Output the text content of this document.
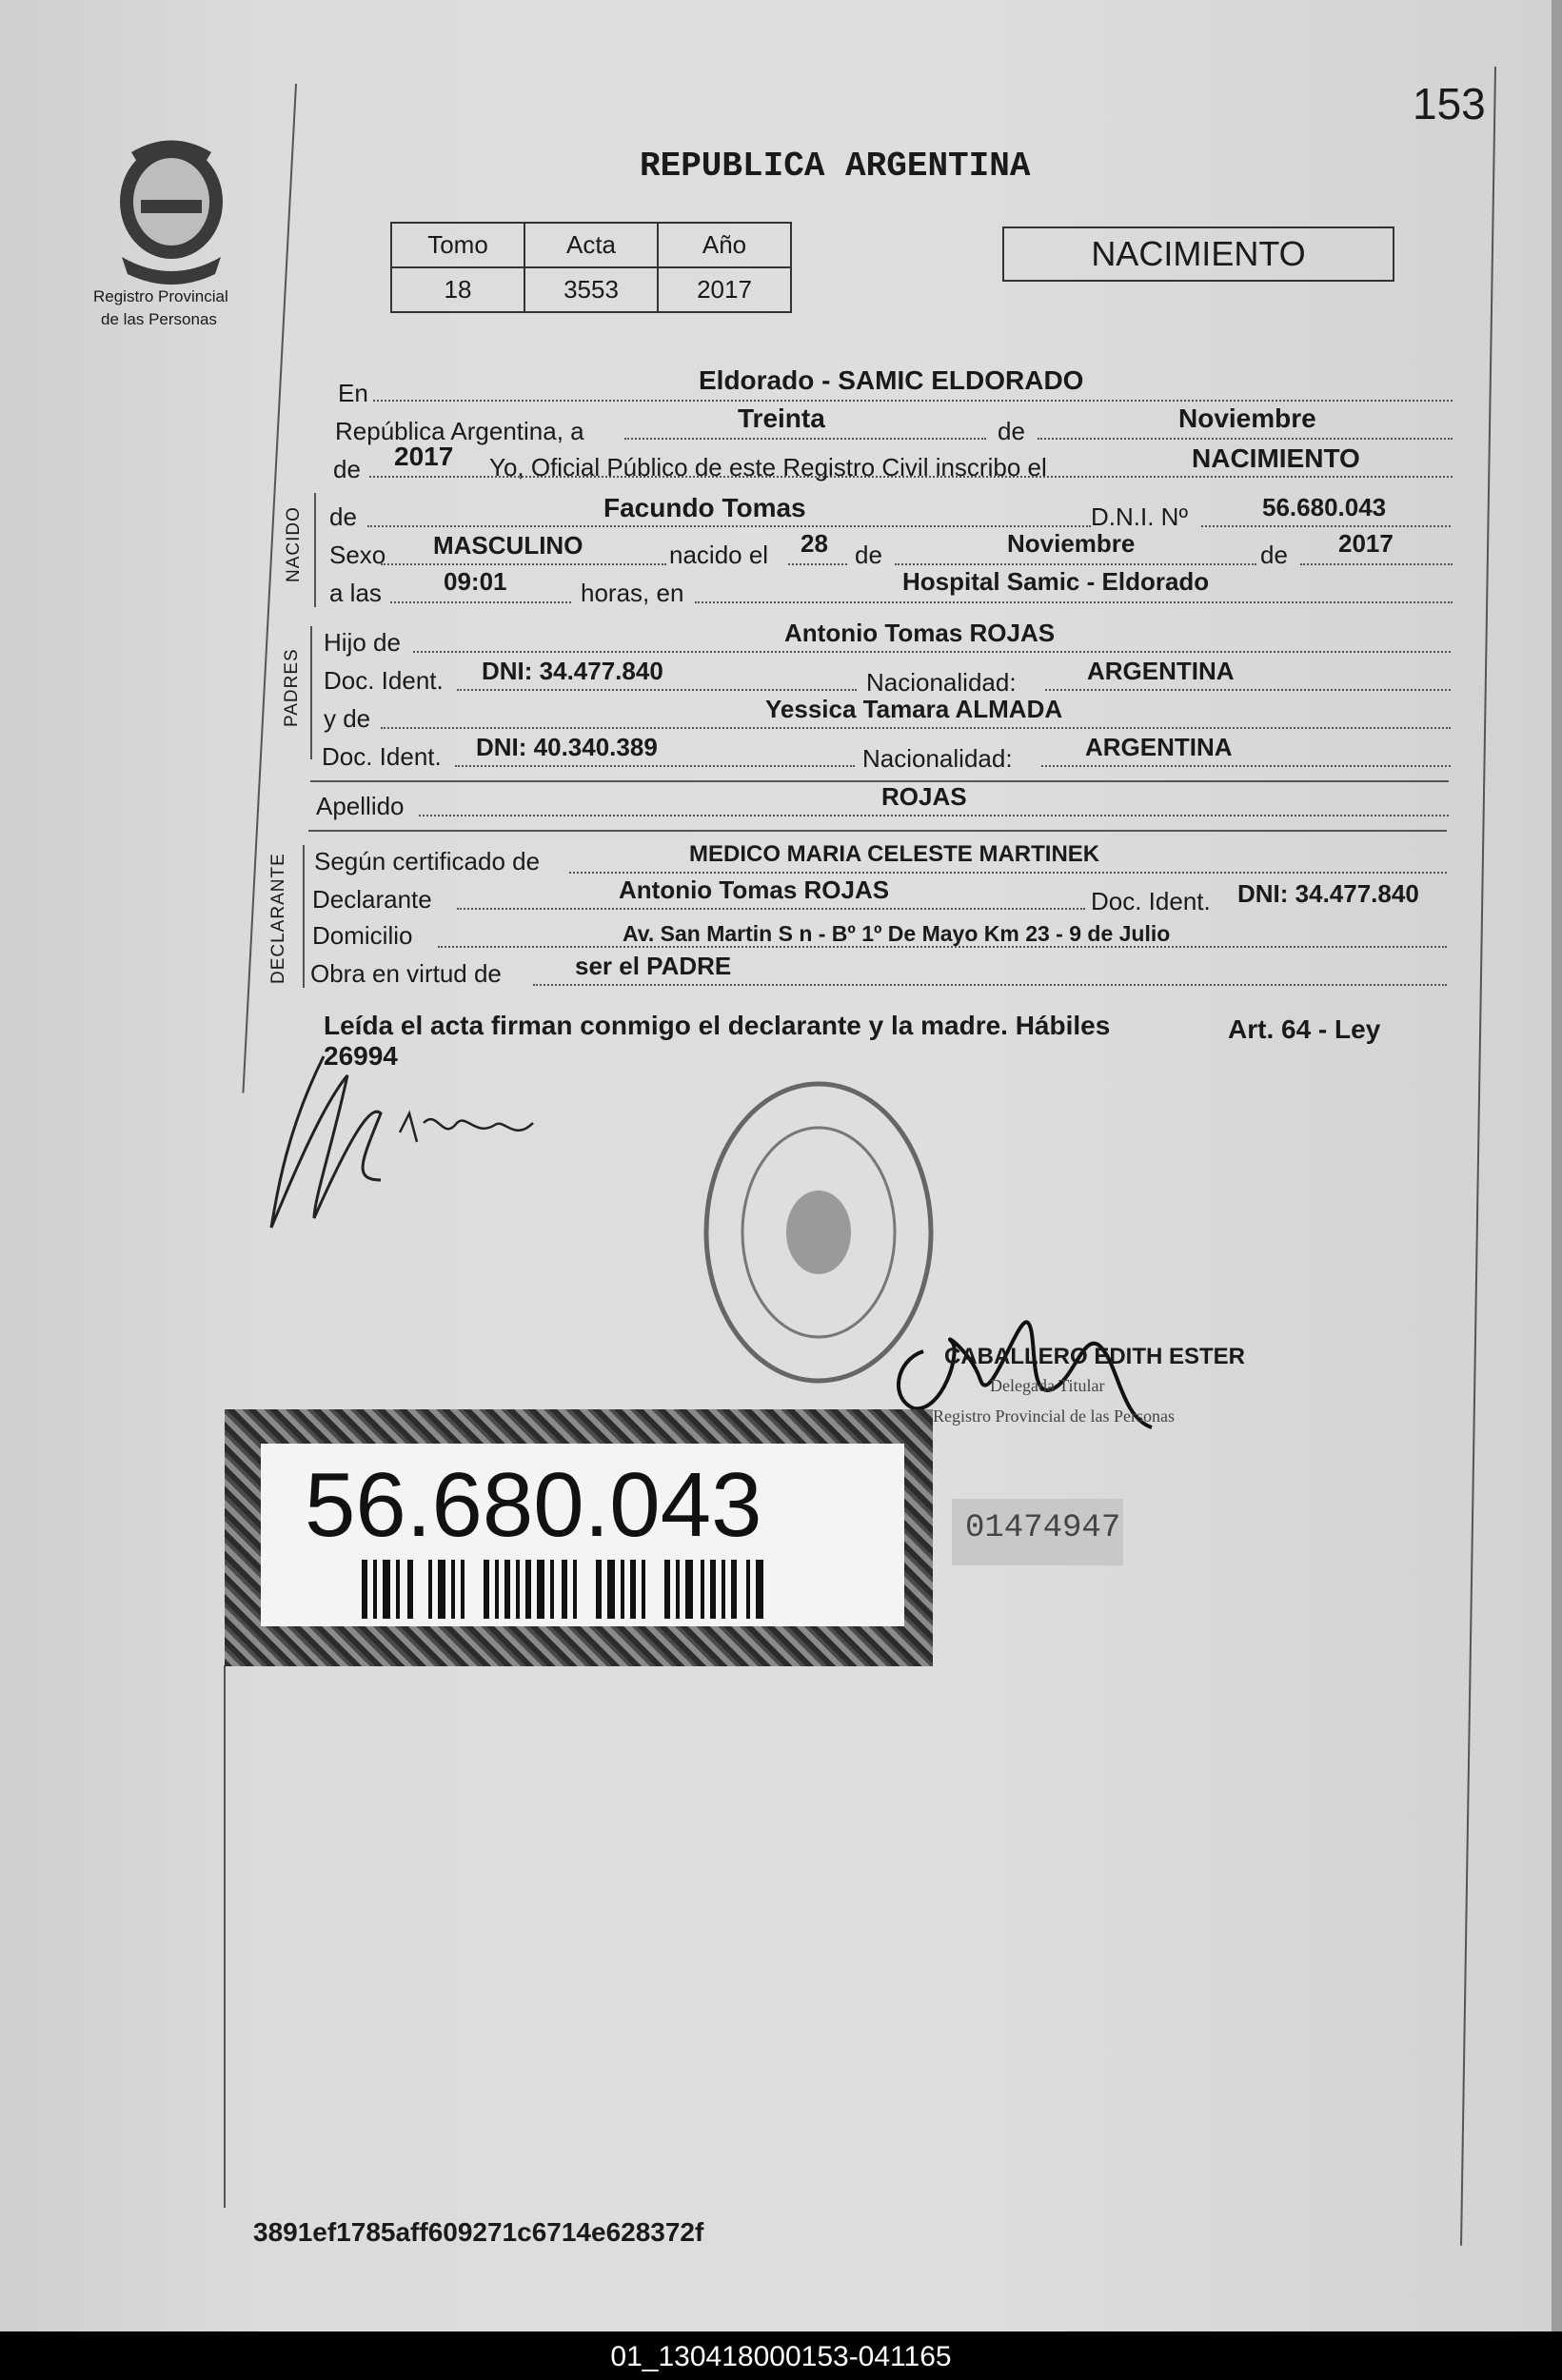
Registro Provincial
de las Personas
153
REPUBLICA ARGENTINA
Tomo	Acta	Año
18	3553	2017
NACIMIENTO
En	Eldorado - SAMIC ELDORADO
República Argentina, a	Treinta	de	Noviembre
de 2017 Yo, Oficial Público de este Registro Civil inscribo el	NACIMIENTO
NACIDO de	Facundo Tomas	D.N.I. Nº	56.680.043
Sexo MASCULINO	nacido el 28 de	Noviembre	de 2017
a las	09:01	horas, en	Hospital Samic - Eldorado
PADRES
Hijo de	Antonio Tomas ROJAS
Doc. Ident. DNI: 34.477.840	Nacionalidad:	ARGENTINA
y de	Yessica Tamara ALMADA
Doc. Ident. DNI: 40.340.389	Nacionalidad:	ARGENTINA
Apellido	ROJAS
DECLARANTE Según certificado de	MEDICO MARIA CELESTE MARTINEK
Declarante	Antonio Tomas ROJAS	Doc. Ident. DNI: 34.477.840
Domicilio	Av. San Martin S n - Bº 1º De Mayo Km 23 - 9 de Julio
Obra en virtud de	ser el PADRE
Leída el acta firman conmigo el declarante y la madre. Hábiles	Art. 64 - Ley
26994
CABALLERO EDITH ESTER
Delegada Titular
Registro Provincial de las Personas
56.680.043	01474947
3891ef1785aff609271c6714e628372f
01_130418000153-041165
